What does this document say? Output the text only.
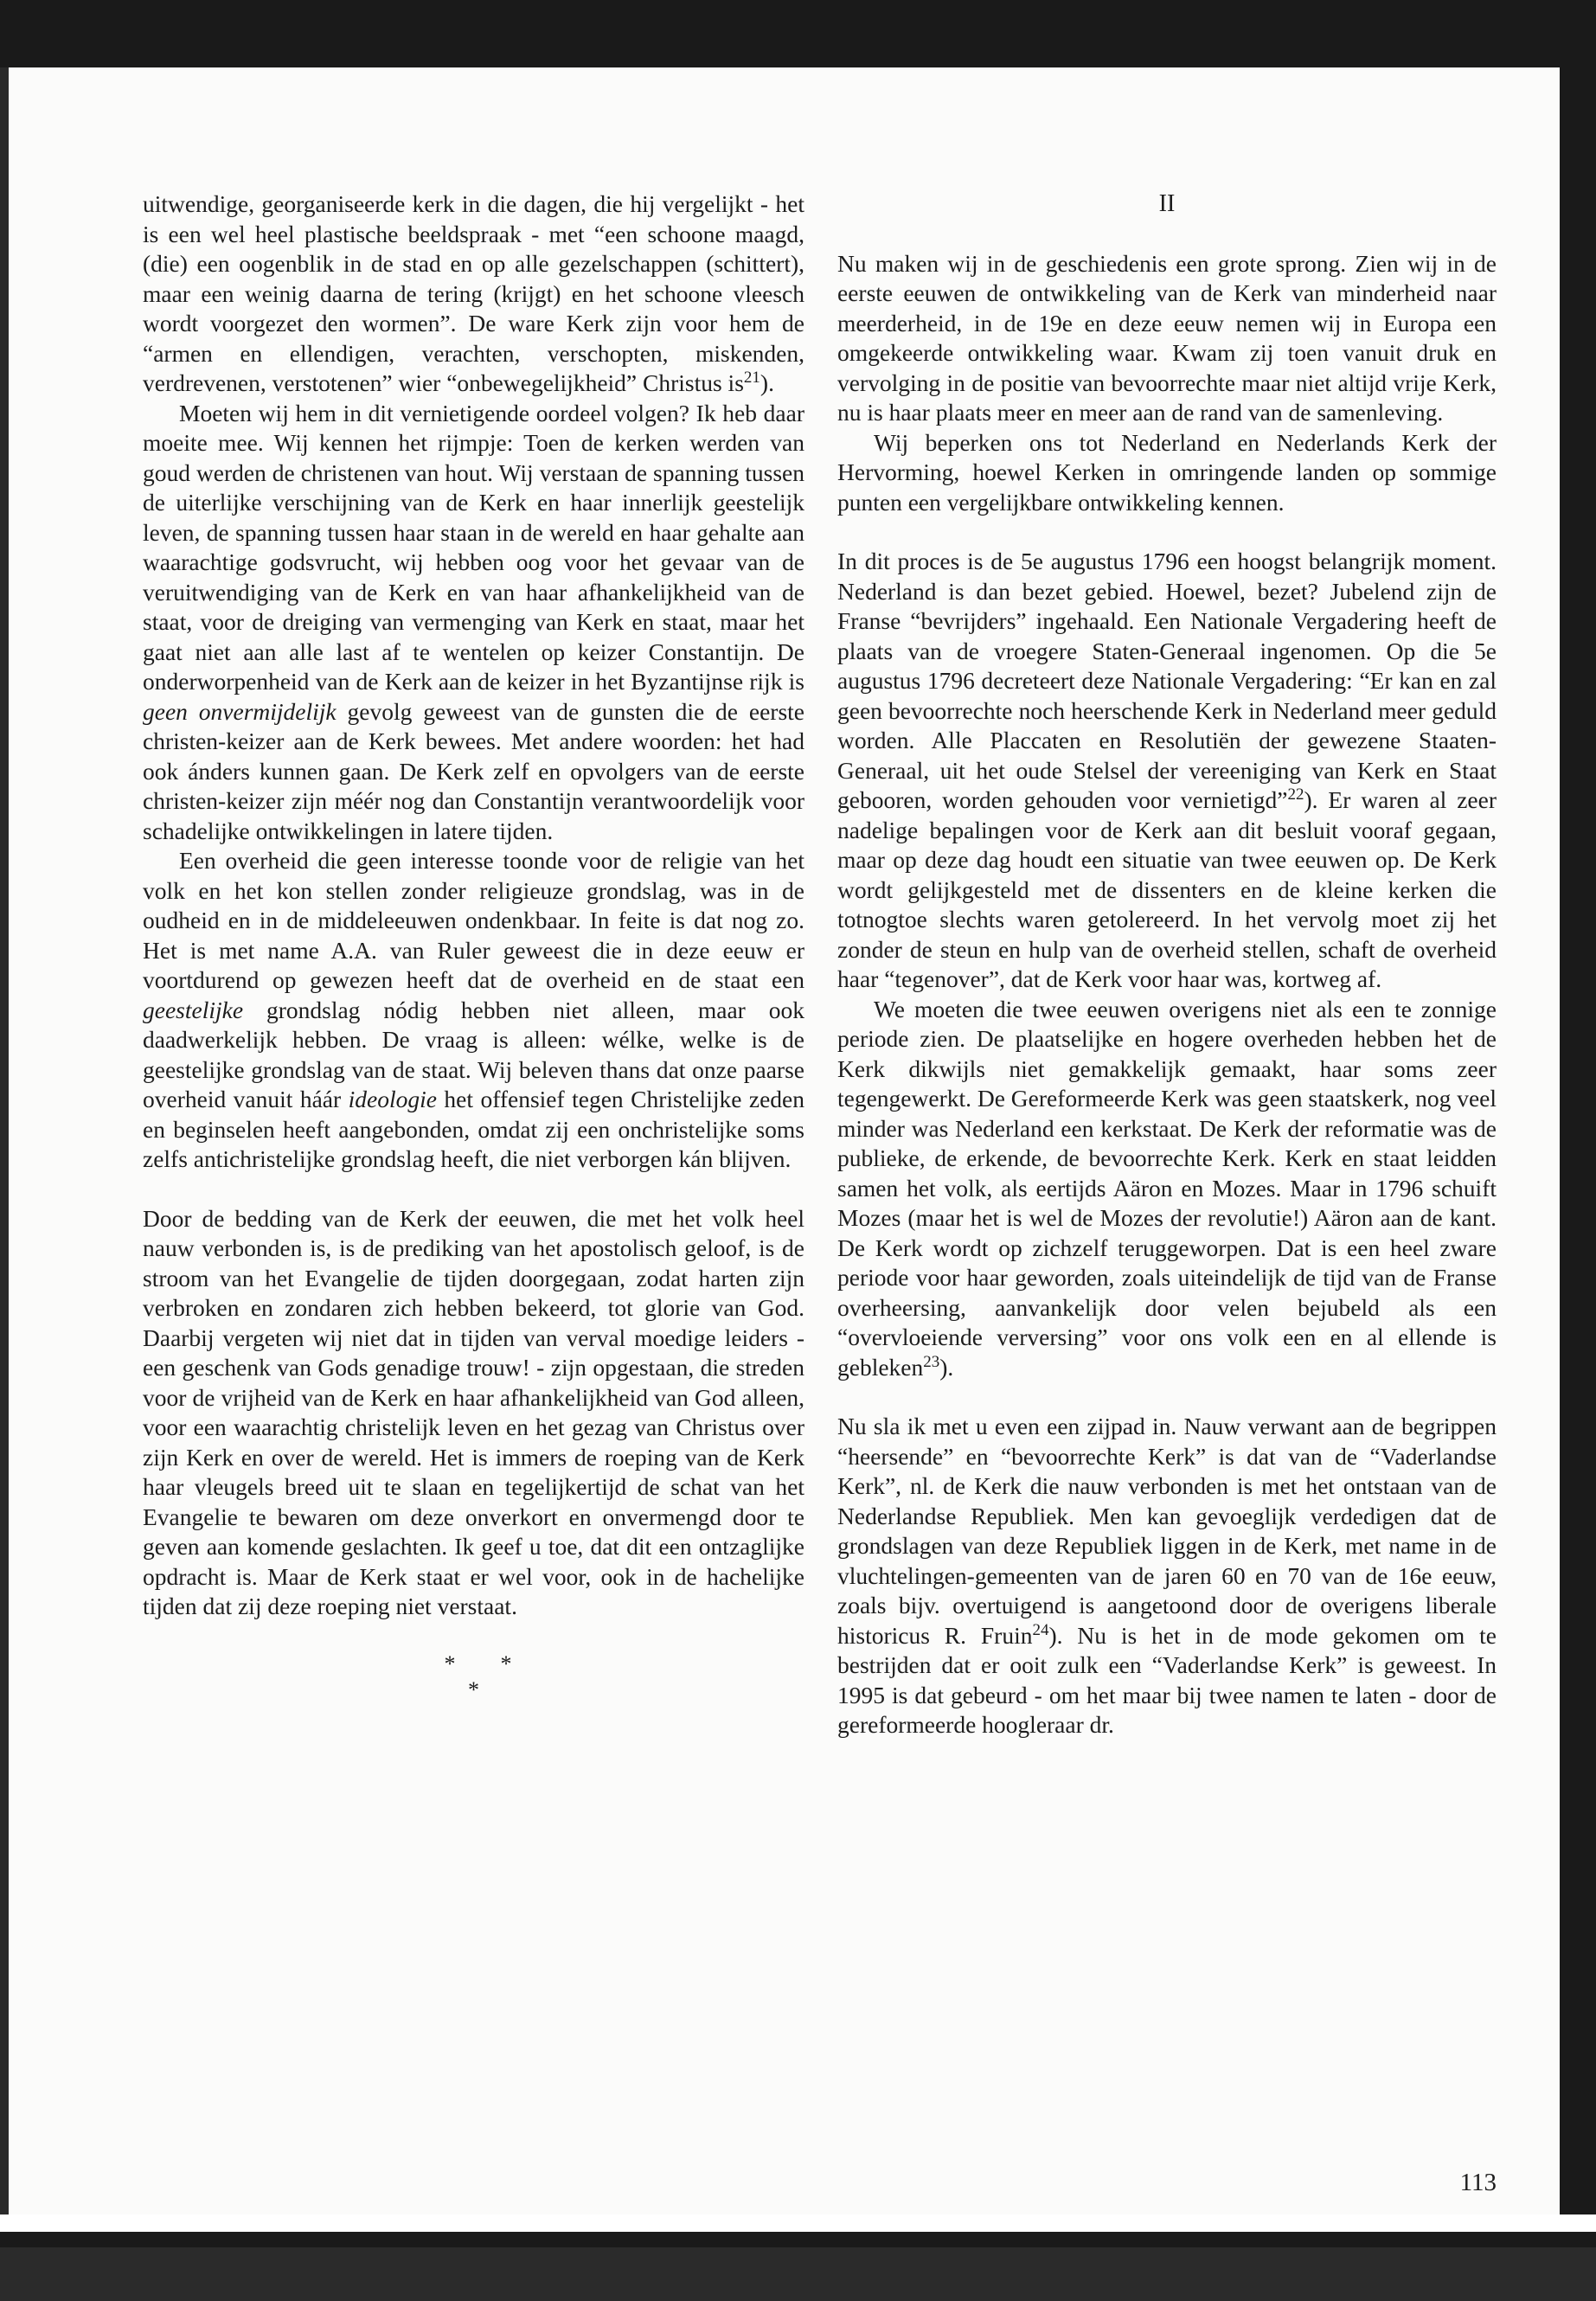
uitwendige, georganiseerde kerk in die dagen, die hij vergelijkt - het is een wel heel plastische beeldspraak - met “een schoone maagd, (die) een oogenblik in de stad en op alle gezelschappen (schittert), maar een weinig daarna de tering (krijgt) en het schoone vleesch wordt voorgezet den wormen”. De ware Kerk zijn voor hem de “armen en ellendigen, verachten, verschopten, miskenden, verdrevenen, verstotenen” wier “onbewegelijkheid” Christus $is^{21}$).

Moeten wij hem in dit vernietigende oordeel volgen? Ik heb daar moeite mee. Wij kennen het rijmpje: Toen de kerken werden van goud werden de christenen van hout. Wij verstaan de spanning tussen de uiterlijke verschijning van de Kerk en haar innerlijk geestelijk leven, de spanning tussen haar staan in de wereld en haar gehalte aan waarachtige godsvrucht, wij hebben oog voor het gevaar van de veruitwendiging van de Kerk en van haar afhankelijkheid van de staat, voor de dreiging van vermenging van Kerk en staat, maar het gaat niet aan alle last af te wentelen op keizer Constantijn. De onderworpenheid van de Kerk aan de keizer in het Byzantijnse rijk is geen onvermijdelijk gevolg geweest van de gunsten die de eerste christen-keizer aan de Kerk bewees. Met andere woorden: het had ook ánders kunnen gaan. De Kerk zelf en opvolgers van de eerste christen-keizer zijn méér nog dan Constantijn verantwoordelijk voor schadelijke ontwikkelingen in latere tijden.

Een overheid die geen interesse toonde voor de religie van het volk en het kon stellen zonder religieuze grondslag, was in de oudheid en in de middeleeuwen ondenkbaar. In feite is dat nog zo. Het is met name A.A. van Ruler geweest die in deze eeuw er voortdurend op gewezen heeft dat de overheid en de staat een geestelijke grondslag nódig hebben niet alleen, maar ook daadwerkelijk hebben. De vraag is alleen: wélke, welke is de geestelijke grondslag van de staat. Wij beleven thans dat onze paarse overheid vanuit háár ideologie het offensief tegen Christelijke zeden en beginselen heeft aangebonden, omdat zij een onchristelijke soms zelfs antichristelijke grondslag heeft, die niet verborgen kán blijven.

Door de bedding van de Kerk der eeuwen, die met het volk heel nauw verbonden is, is de prediking van het apostolisch geloof, is de stroom van het Evangelie de tijden doorgegaan, zodat harten zijn verbroken en zondaren zich hebben bekeerd, tot glorie van God. Daarbij vergeten wij niet dat in tijden van verval moedige leiders - een geschenk van Gods genadige trouw! - zijn opgestaan, die streden voor de vrijheid van de Kerk en haar afhankelijkheid van God alleen, voor een waarachtig christelijk leven en het gezag van Christus over zijn Kerk en over de wereld. Het is immers de roeping van de Kerk haar vleugels breed uit te slaan en tegelijkertijd de schat van het Evangelie te bewaren om deze onverkort en onvermengd door te geven aan komende geslachten. Ik geef u toe, dat dit een ontzaglijke opdracht is. Maar de Kerk staat er wel voor, ook in de hachelijke tijden dat zij deze roeping niet verstaat.

* *
*
II

Nu maken wij in de geschiedenis een grote sprong. Zien wij in de eerste eeuwen de ontwikkeling van de Kerk van minderheid naar meerderheid, in de 19e en deze eeuw nemen wij in Europa een omgekeerde ontwikkeling waar. Kwam zij toen vanuit druk en vervolging in de positie van bevoorrechte maar niet altijd vrije Kerk, nu is haar plaats meer en meer aan de rand van de samenleving.

Wij beperken ons tot Nederland en Nederlands Kerk der Hervorming, hoewel Kerken in omringende landen op sommige punten een vergelijkbare ontwikkeling kennen.

In dit proces is de 5e augustus 1796 een hoogst belangrijk moment. Nederland is dan bezet gebied. Hoewel, bezet? Jubelend zijn de Franse “bevrijders” ingehaald. Een Nationale Vergadering heeft de plaats van de vroegere Staten-Generaal ingenomen. Op die 5e augustus 1796 decreteert deze Nationale Vergadering: “Er kan en zal geen bevoorrechte noch heerschende Kerk in Nederland meer geduld worden. Alle Placcaten en Resolutiën der gewezene Staaten-Generaal, uit het oude Stelsel der vereeniging van Kerk en Staat gebooren, worden gehouden voor vernietigd”$^{22}$). Er waren al zeer nadelige bepalingen voor de Kerk aan dit besluit vooraf gegaan, maar op deze dag houdt een situatie van twee eeuwen op. De Kerk wordt gelijkgesteld met de dissenters en de kleine kerken die totnogtoe slechts waren getolereerd. In het vervolg moet zij het zonder de steun en hulp van de overheid stellen, schaft de overheid haar “tegenover”, dat de Kerk voor haar was, kortweg af.

We moeten die twee eeuwen overigens niet als een te zonnige periode zien. De plaatselijke en hogere overheden hebben het de Kerk dikwijls niet gemakkelijk gemaakt, haar soms zeer tegengewerkt. De Gereformeerde Kerk was geen staatskerk, nog veel minder was Nederland een kerkstaat. De Kerk der reformatie was de publieke, de erkende, de bevoorrechte Kerk. Kerk en staat leidden samen het volk, als eertijds Aäron en Mozes. Maar in 1796 schuift Mozes (maar het is wel de Mozes der revolutie!) Aäron aan de kant. De Kerk wordt op zichzelf teruggeworpen. Dat is een heel zware periode voor haar geworden, zoals uiteindelijk de tijd van de Franse overheersing, aanvankelijk door velen bejubeld als een “overvloeiende verversing” voor ons volk een en al ellende is gebleken$^{23}$).

Nu sla ik met u even een zijpad in. Nauw verwant aan de begrippen “heersende” en “bevoorrechte Kerk” is dat van de “Vaderlandse Kerk”, nl. de Kerk die nauw verbonden is met het ontstaan van de Nederlandse Republiek. Men kan gevoeglijk verdedigen dat de grondslagen van deze Republiek liggen in de Kerk, met name in de vluchtelingen-gemeenten van de jaren 60 en 70 van de 16e eeuw, zoals bijv. overtuigend is aangetoond door de overigens liberale historicus R. Fruin$^{24}$). Nu is het in de mode gekomen om te bestrijden dat er ooit zulk een “Vaderlandse Kerk” is geweest. In 1995 is dat gebeurd - om het maar bij twee namen te laten - door de gereformeerde hoogleraar dr.

113
